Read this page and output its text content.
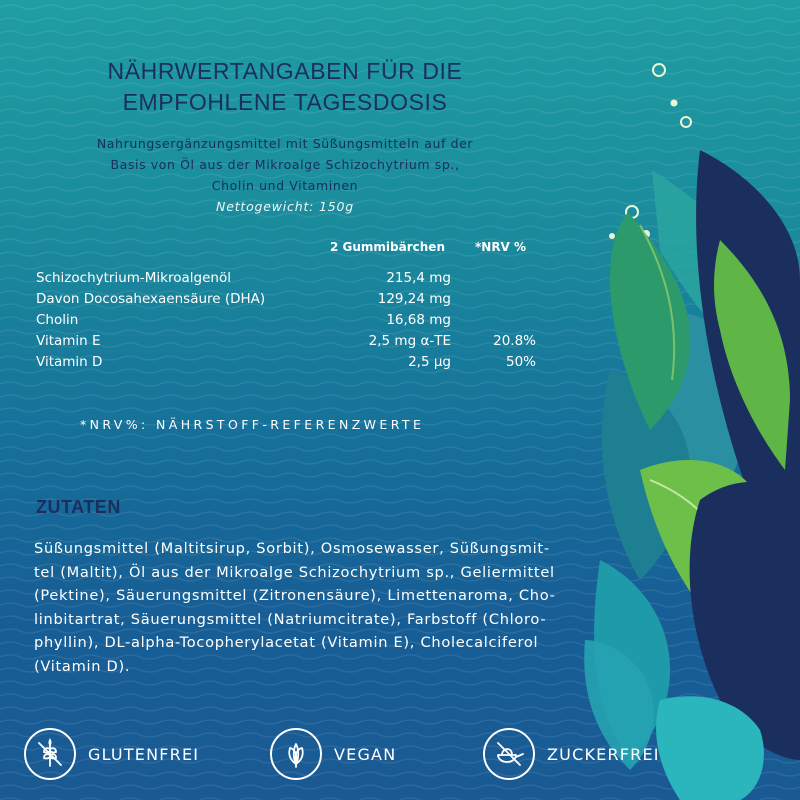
NÄHRWERTANGABEN FÜR DIE
EMPFOHLENE TAGESDOSIS
Nahrungsergänzungsmittel mit Süßungsmitteln auf der
Basis von Öl aus der Mikroalge Schizochytrium sp.,
Cholin und Vitaminen
Nettogewicht: 150g
2 Gummibärchen	*NRV %
Schizochytrium-Mikroalgenöl	215,4 mg
Davon Docosahexaensäure (DHA)	129,24 mg
Cholin	16,68 mg
Vitamin E	2,5 mg α-TE	20.8%
Vitamin D	2,5 µg	50%
*NRV%: NÄHRSTOFF-REFERENZWERTE
ZUTATEN
Süßungsmittel (Maltitsirup, Sorbit), Osmosewasser, Süßungsmit-
tel (Maltit), Öl aus der Mikroalge Schizochytrium sp., Geliermittel
(Pektine), Säuerungsmittel (Zitronensäure), Limettenaroma, Cho-
linbitartrat, Säuerungsmittel (Natriumcitrate), Farbstoff (Chloro-
phyllin), DL-alpha-Tocopherylacetat (Vitamin E), Cholecalciferol
(Vitamin D).
GLUTENFREI	VEGAN	ZUCKERFREI
